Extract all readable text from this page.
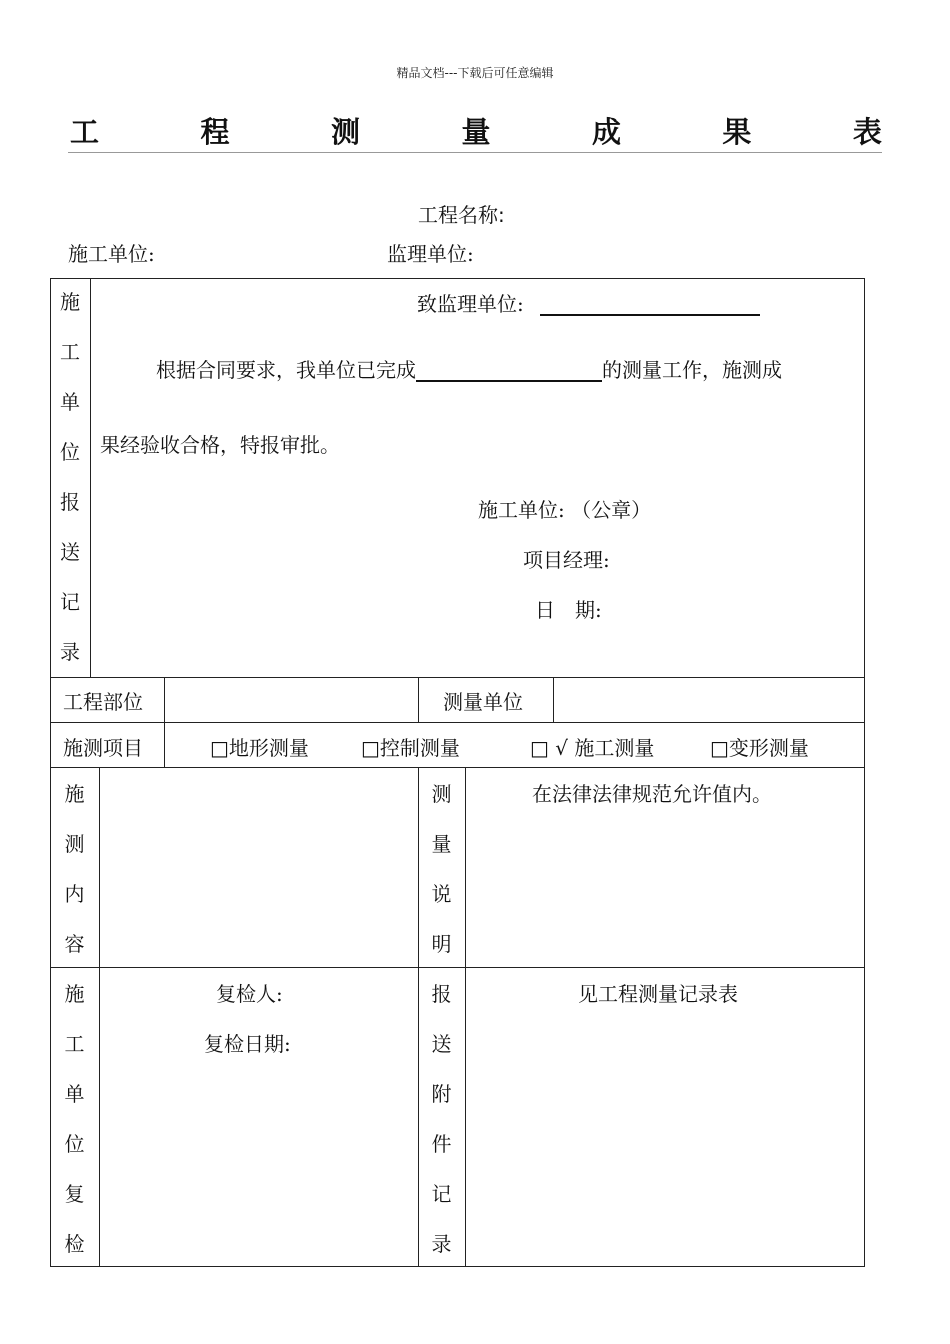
精品文档---下载后可任意编辑
工	程	测	量	成	果	表
工程名称:
施工单位:	监理单位:
施
工
单
位
报
送
记
录
致监理单位:
根据合同要求，我单位已完成	的测量工作，施测成
果经验收合格，特报审批。
施工单位: （公章）
项目经理:
日　期:
工程部位	测量单位
施测项目	□地形测量	□控制测量	□ √ 施工测量	□变形测量
施
测
内
容
测
量
说
明
在法律法律规范允许值内。
施
工
单
位
复
检
复检人:
复检日期:
报
送
附
件
记
录
见工程测量记录表
